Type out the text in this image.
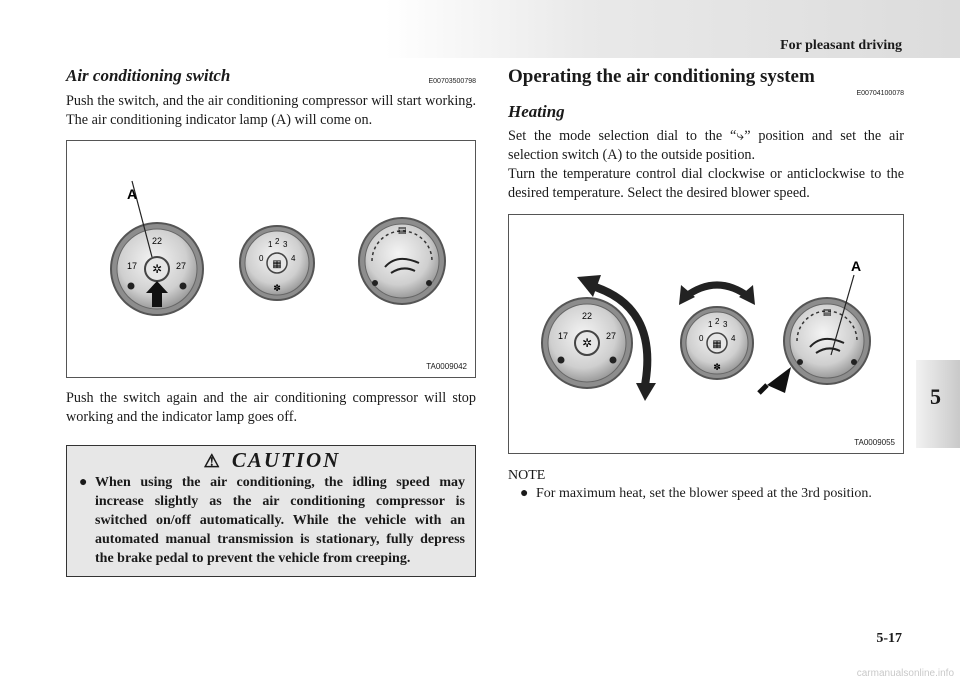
For pleasant driving
5
Air conditioning switch	E00703500798

Push the switch, and the air conditioning compressor will start working. The air conditioning indicator lamp (A) will come on.

✲
22
17	27
A
▦
0
1 2 3
4
✽
▤
TA0009042

Push the switch again and the air conditioning compressor will stop working and the indicator lamp goes off.

⚠ CAUTION
● When using the air conditioning, the idling speed may increase slightly as the air conditioning compressor is switched on/off automatically. While the vehicle with an automated manual transmission is stationary, fully depress the brake pedal to prevent the vehicle from creeping.
Operating the air conditioning system
E00704100078
Heating

Set the mode selection dial to the “⤷” position and set the air selection switch (A) to the outside position.

Turn the temperature control dial clockwise or anticlockwise to the desired temperature. Select the desired blower speed.

✲
22
17	27
▦
0
1 2 3
4
✽
▤
A
TA0009055
NOTE
● For maximum heat, set the blower speed at the 3rd position.
5-17
carmanualsonline.info
